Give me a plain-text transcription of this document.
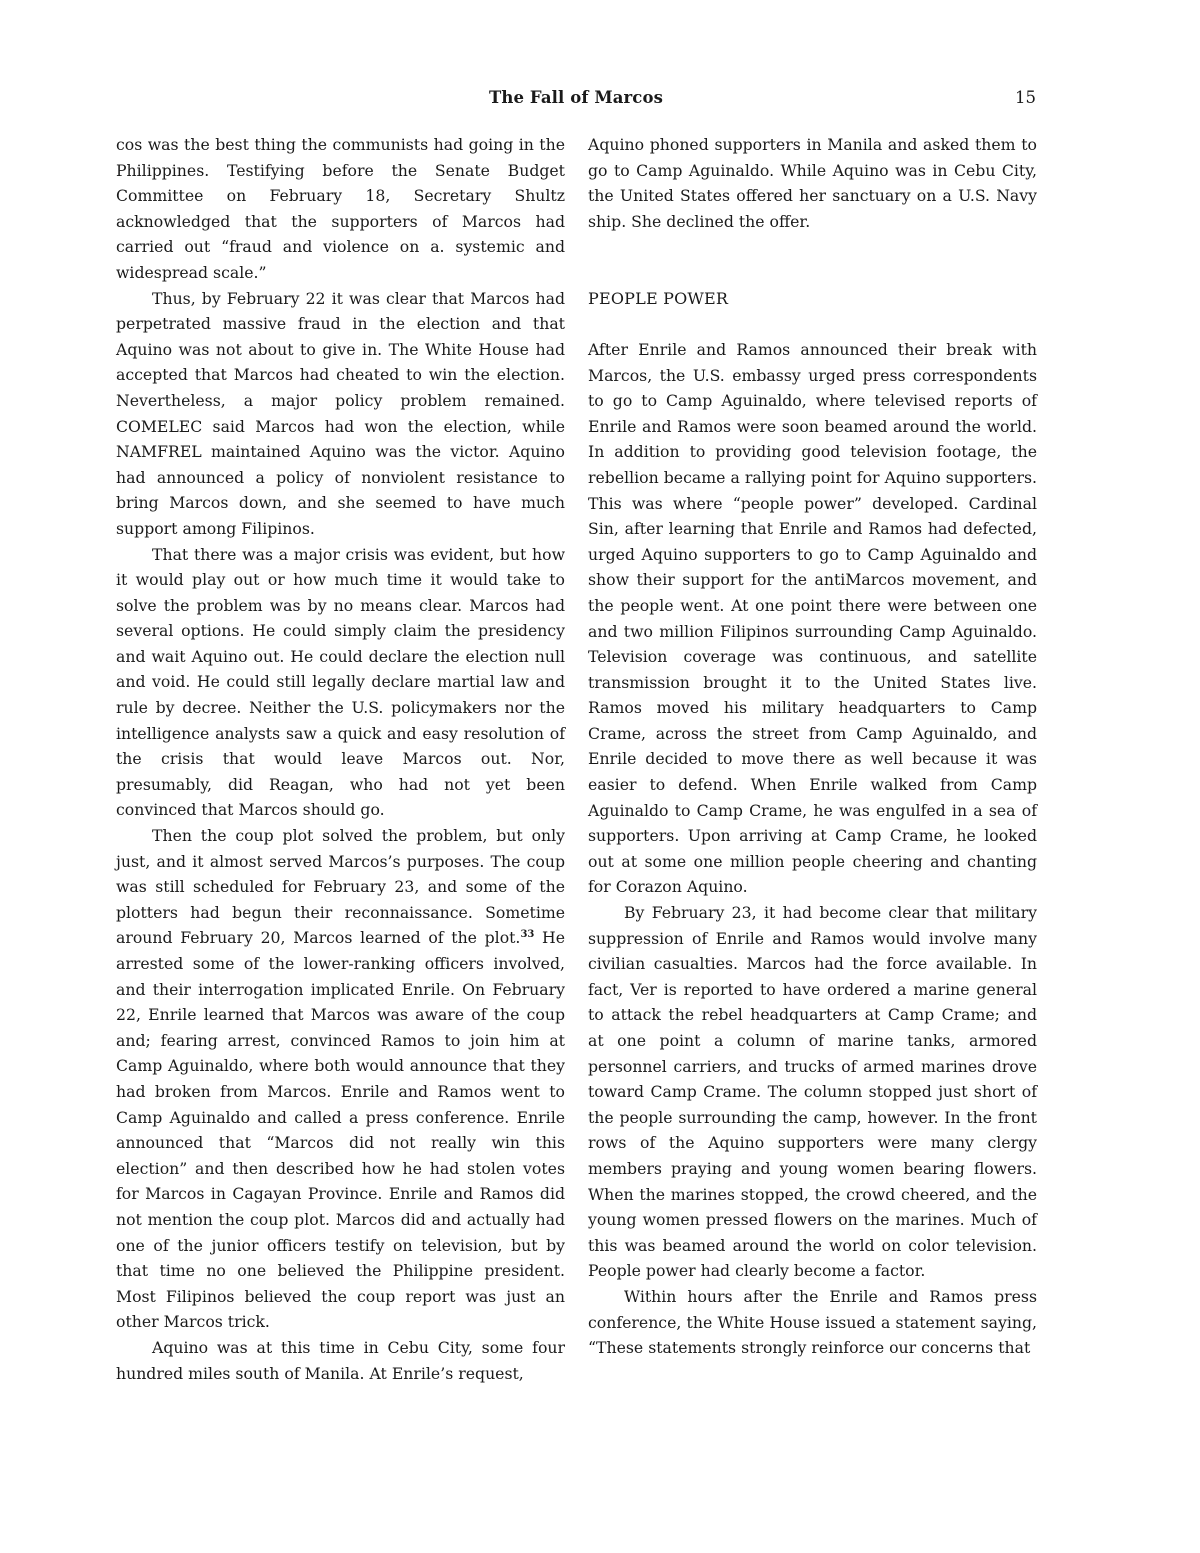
The Fall of Marcos	15

cos was the best thing the communists had going in the Philippines. Testifying before the Senate Budget Committee on February 18, Secretary Shultz acknowledged that the supporters of Marcos had carried out “fraud and violence on a. systemic and widespread scale.”

Thus, by February 22 it was clear that Marcos had perpetrated massive fraud in the election and that Aquino was not about to give in. The White House had accepted that Marcos had cheated to win the election. Nevertheless, a major policy problem remained. COMELEC said Marcos had won the election, while NAMFREL maintained Aquino was the victor. Aquino had announced a policy of nonviolent resistance to bring Marcos down, and she seemed to have much support among Filipinos.

That there was a major crisis was evident, but how it would play out or how much time it would take to solve the problem was by no means clear. Marcos had several options. He could simply claim the presidency and wait Aquino out. He could declare the election null and void. He could still legally declare martial law and rule by decree. Neither the U.S. policymakers nor the intelligence analysts saw a quick and easy resolution of the crisis that would leave Marcos out. Nor, presumably, did Reagan, who had not yet been convinced that Marcos should go.

Then the coup plot solved the problem, but only just, and it almost served Marcos’s purposes. The coup was still scheduled for February 23, and some of the plotters had begun their reconnaissance. Sometime around February 20, Marcos learned of the plot.$^{33}$ He arrested some of the lower-ranking officers involved, and their interrogation implicated Enrile. On February 22, Enrile learned that Marcos was aware of the coup and; fearing arrest, convinced Ramos to join him at Camp Aguinaldo, where both would announce that they had broken from Marcos. Enrile and Ramos went to Camp Aguinaldo and called a press conference. Enrile announced that “Marcos did not really win this election” and then described how he had stolen votes for Marcos in Cagayan Province. Enrile and Ramos did not mention the coup plot. Marcos did and actually had one of the junior officers testify on television, but by that time no one believed the Philippine president. Most Filipinos believed the coup report was just an other Marcos trick.

Aquino was at this time in Cebu City, some four hundred miles south of Manila. At Enrile’s request,

Aquino phoned supporters in Manila and asked them to go to Camp Aguinaldo. While Aquino was in Cebu City, the United States offered her sanctuary on a U.S. Navy ship. She declined the offer.

PEOPLE POWER

After Enrile and Ramos announced their break with Marcos, the U.S. embassy urged press correspondents to go to Camp Aguinaldo, where televised reports of Enrile and Ramos were soon beamed around the world. In addition to providing good television footage, the rebellion became a rallying point for Aquino supporters. This was where “people power” developed. Cardinal Sin, after learning that Enrile and Ramos had defected, urged Aquino supporters to go to Camp Aguinaldo and show their support for the antiMarcos movement, and the people went. At one point there were between one and two million Filipinos surrounding Camp Aguinaldo. Television coverage was continuous, and satellite transmission brought it to the United States live. Ramos moved his military headquarters to Camp Crame, across the street from Camp Aguinaldo, and Enrile decided to move there as well because it was easier to defend. When Enrile walked from Camp Aguinaldo to Camp Crame, he was engulfed in a sea of supporters. Upon arriving at Camp Crame, he looked out at some one million people cheering and chanting for Corazon Aquino.

By February 23, it had become clear that military suppression of Enrile and Ramos would involve many civilian casualties. Marcos had the force available. In fact, Ver is reported to have ordered a marine general to attack the rebel headquarters at Camp Crame; and at one point a column of marine tanks, armored personnel carriers, and trucks of armed marines drove toward Camp Crame. The column stopped just short of the people surrounding the camp, however. In the front rows of the Aquino supporters were many clergy members praying and young women bearing flowers. When the marines stopped, the crowd cheered, and the young women pressed flowers on the marines. Much of this was beamed around the world on color television. People power had clearly become a factor.

Within hours after the Enrile and Ramos press conference, the White House issued a statement saying, “These statements strongly reinforce our concerns that
